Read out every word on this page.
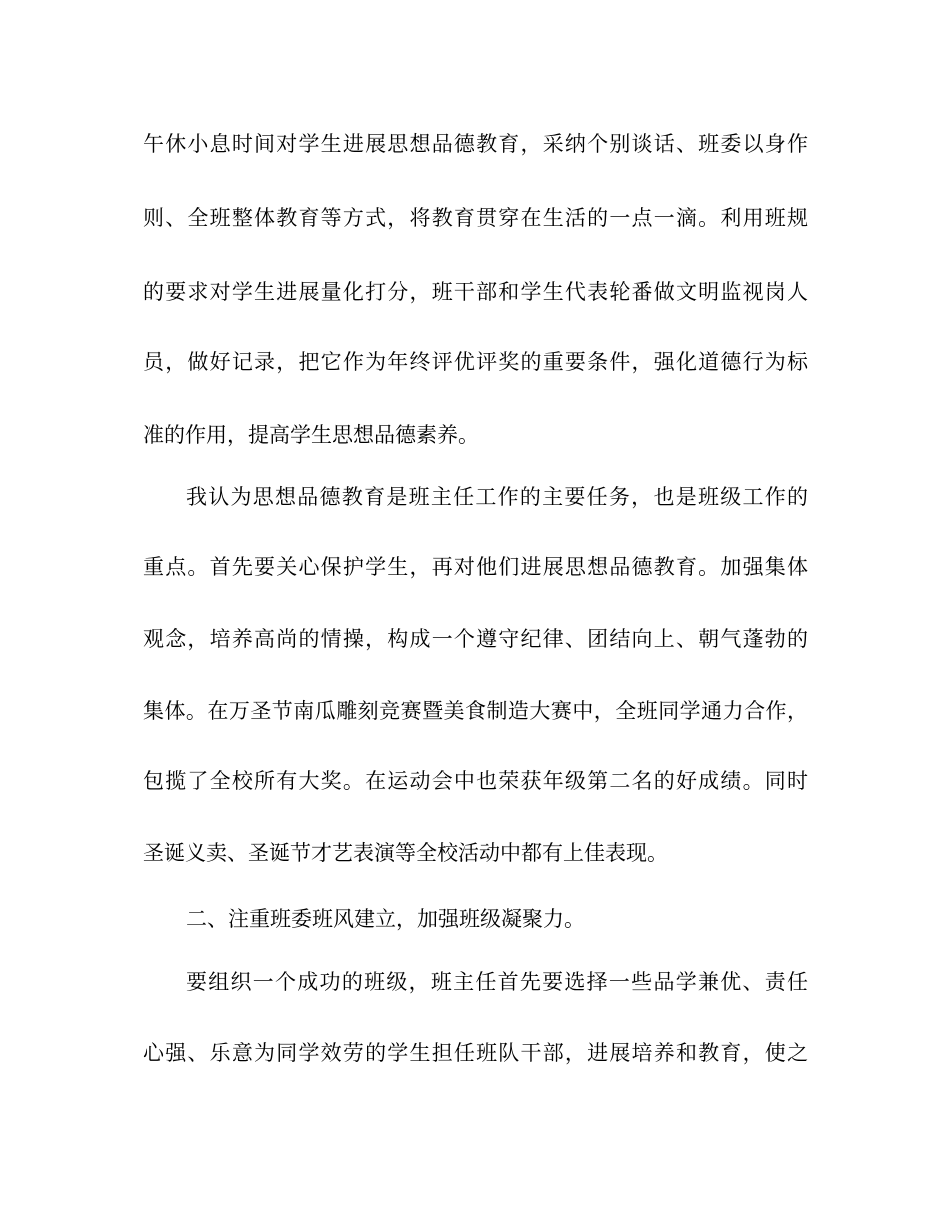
午休小息时间对学生进展思想品德教育，采纳个别谈话、班委以身作
则、全班整体教育等方式，将教育贯穿在生活的一点一滴。利用班规
的要求对学生进展量化打分，班干部和学生代表轮番做文明监视岗人
员，做好记录，把它作为年终评优评奖的重要条件，强化道德行为标
准的作用，提高学生思想品德素养。
我认为思想品德教育是班主任工作的主要任务，也是班级工作的
重点。首先要关心保护学生，再对他们进展思想品德教育。加强集体
观念，培养高尚的情操，构成一个遵守纪律、团结向上、朝气蓬勃的
集体。在万圣节南瓜雕刻竞赛暨美食制造大赛中，全班同学通力合作，
包揽了全校所有大奖。在运动会中也荣获年级第二名的好成绩。同时
圣诞义卖、圣诞节才艺表演等全校活动中都有上佳表现。
二、注重班委班风建立，加强班级凝聚力。
要组织一个成功的班级，班主任首先要选择一些品学兼优、责任
心强、乐意为同学效劳的学生担任班队干部，进展培养和教育，使之
